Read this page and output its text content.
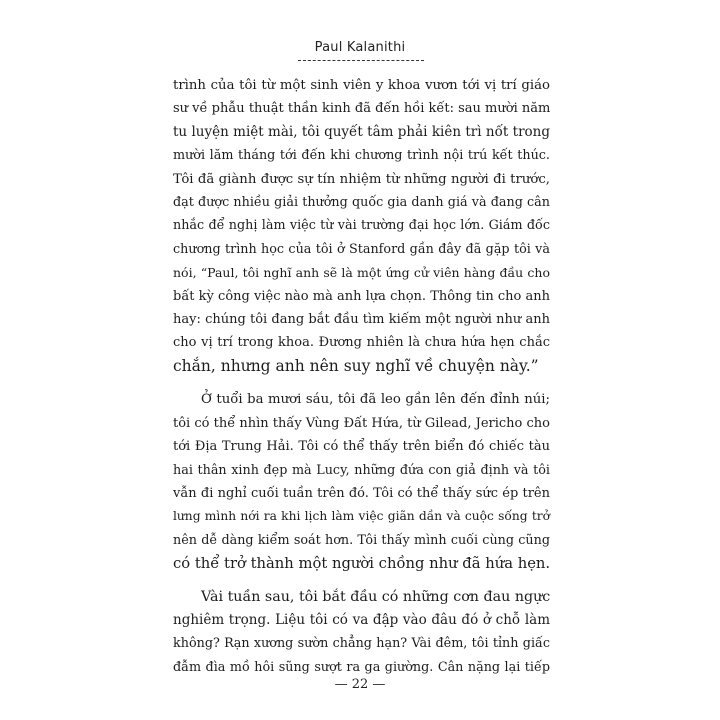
Paul Kalanithi

trình của tôi từ một sinh viên y khoa vươn tới vị trí giáo
sư về phẫu thuật thần kinh đã đến hồi kết: sau mười năm
tu luyện miệt mài, tôi quyết tâm phải kiên trì nốt trong
mười lăm tháng tới đến khi chương trình nội trú kết thúc.
Tôi đã giành được sự tín nhiệm từ những người đi trước,
đạt được nhiều giải thưởng quốc gia danh giá và đang cân
nhắc để nghị làm việc từ vài trường đại học lớn. Giám đốc
chương trình học của tôi ở Stanford gần đây đã gặp tôi và
nói, “Paul, tôi nghĩ anh sẽ là một ứng cử viên hàng đầu cho
bất kỳ công việc nào mà anh lựa chọn. Thông tin cho anh
hay: chúng tôi đang bắt đầu tìm kiếm một người như anh
cho vị trí trong khoa. Đương nhiên là chưa hứa hẹn chắc
chắn, nhưng anh nên suy nghĩ về chuyện này.”

Ở tuổi ba mươi sáu, tôi đã leo gần lên đến đỉnh núi;
tôi có thể nhìn thấy Vùng Đất Hứa, từ Gilead, Jericho cho
tới Địa Trung Hải. Tôi có thể thấy trên biển đó chiếc tàu
hai thân xinh đẹp mà Lucy, những đứa con giả định và tôi
vẫn đi nghỉ cuối tuần trên đó. Tôi có thể thấy sức ép trên
lưng mình nới ra khi lịch làm việc giãn dần và cuộc sống trở
nên dễ dàng kiểm soát hơn. Tôi thấy mình cuối cùng cũng
có thể trở thành một người chồng như đã hứa hẹn.

Vài tuần sau, tôi bắt đầu có những cơn đau ngực
nghiêm trọng. Liệu tôi có va đập vào đâu đó ở chỗ làm
không? Rạn xương sườn chẳng hạn? Vài đêm, tôi tỉnh giấc
đẫm đìa mồ hôi sũng sượt ra ga giường. Cân nặng lại tiếp

— 22 —
